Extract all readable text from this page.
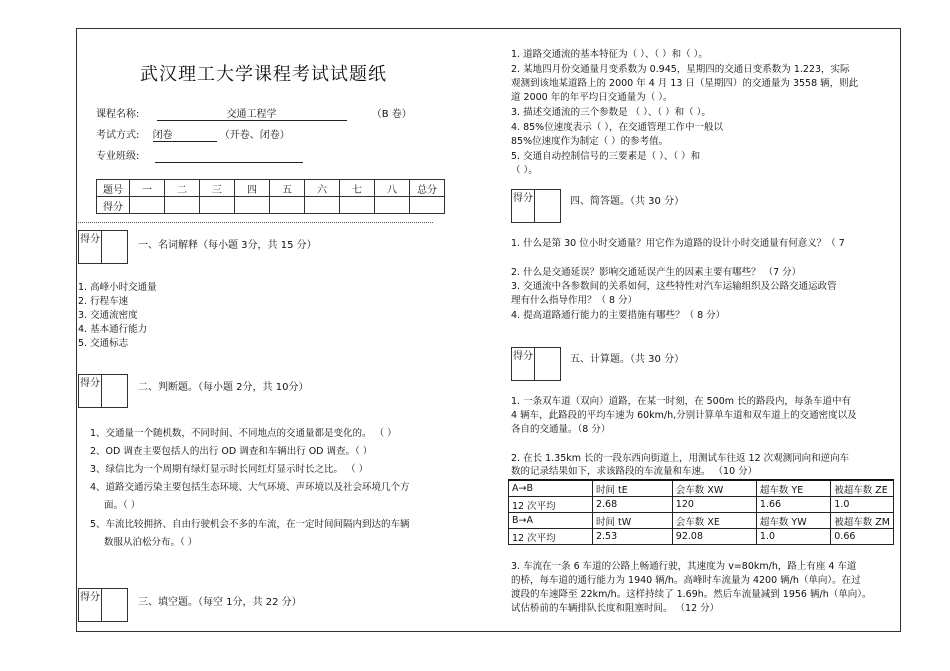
武汉理工大学课程考试试题纸
课程名称:	交通工程学	（B 卷）
考试方式: 闭卷	（开卷、闭卷）
专业班级:
题号	一	二	三	四	五	六	七	八	总分
得分									
得分
一、名词解释（每小题 3分，共 15 分）
1. 高峰小时交通量
2. 行程车速
3. 交通流密度
4. 基本通行能力
5. 交通标志
得分	二、判断题。（每小题 2分，共 10分）
1、交通量一个随机数，不同时间、不同地点的交通量都是变化的。 （ ）
2、OD 调查主要包括人的出行 OD 调查和车辆出行 OD 调查。（ ）
3、绿信比为一个周期有绿灯显示时长同红灯显示时长之比。 （ ）
4、道路交通污染主要包括生态环境、大气环境、声环境以及社会环境几个方
面。（ ）
5、车流比较拥挤、自由行驶机会不多的车流，在一定时间间隔内到达的车辆
数服从泊松分布。（ ）
得分	三、填空题。（每空 1分，共 22 分）
1. 道路交通流的基本特征为（ ）、（ ）和（ ）。
2. 某地四月份交通量月变系数为 0.945，星期四的交通日变系数为 1.223，实际
观测到该地某道路上的 2000 年 4 月 13 日（星期四）的交通量为 3558 辆，则此
道 2000 年的年平均日交通量为（ ）。
3. 描述交通流的三个参数是 （ ）、（ ）和（ ）。
4. 85%位速度表示（ ），在交通管理工作中一般以
85%位速度作为制定（ ）的参考值。
5. 交通自动控制信号的三要素是（ ）、（ ）和
（ ）。
得分	四、简答题。（共 30 分）
1. 什么是第 30 位小时交通量？用它作为道路的设计小时交通量有何意义？（ 7
2. 什么是交通延误？影响交通延误产生的因素主要有哪些？ （7 分）
3. 交通流中各参数间的关系如何，这些特性对汽车运输组织及公路交通运政管
理有什么指导作用？（ 8 分）
4. 提高道路通行能力的主要措施有哪些？（ 8 分）
得分	五、计算题。（共 30 分）
1. 一条双车道（双向）道路，在某一时刻，在 500m 长的路段内，每条车道中有
4 辆车，此路段的平均车速为 60km/h,分别计算单车道和双车道上的交通密度以及
各自的交通量。（8 分）
2. 在长 1.35km 长的一段东西向街道上，用测试车往返 12 次观测同向和逆向车
数的记录结果如下，求该路段的车流量和车速。 （10 分）
A→B	时间 tE	会车数 XW	超车数 YE	被超车数 ZE
12 次平均	2.68	120	1.66	1.0
B→A	时间 tW	会车数 XE	超车数 YW	被超车数 ZM
12 次平均	2.53	92.08	1.0	0.66
3. 车流在一条 6 车道的公路上畅通行驶，其速度为 v=80km/h，路上有座 4 车道
的桥，每车道的通行能力为 1940 辆/h。高峰时车流量为 4200 辆/h（单向）。在过
渡段的车速降至 22km/h。这样持续了 1.69h。然后车流量减到 1956 辆/h（单向）。
试估桥前的车辆排队长度和阻塞时间。 （12 分）
